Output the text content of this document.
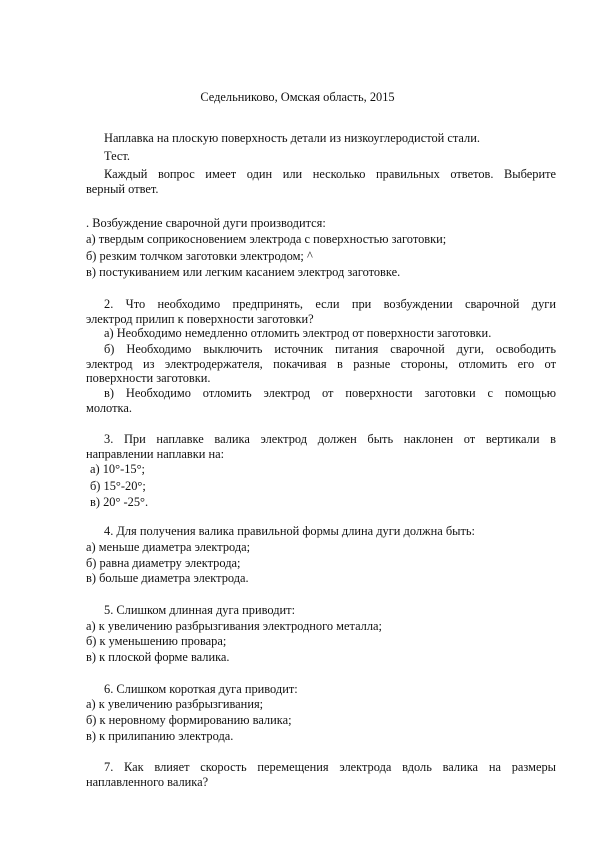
Седельниково, Омская область, 2015
Наплавка на плоскую поверхность детали из низкоуглеродистой стали.
Тест.
Каждый вопрос имеет один или несколько правильных ответов. Выберите
верный ответ.
. Возбуждение сварочной дуги производится:
а) твердым соприкосновением электрода с поверхностью заготовки;
б) резким толчком заготовки электродом; ^
в) постукиванием или легким касанием электрод заготовке.
2. Что необходимо предпринять, если при возбуждении сварочной дуги
электрод прилип к поверхности заготовки?
а) Необходимо немедленно отломить электрод от поверхности заготовки.
б) Необходимо выключить источник питания сварочной дуги, освободить
электрод из электродержателя, покачивая в разные стороны, отломить его от
поверхности заготовки.
в) Необходимо отломить электрод от поверхности заготовки с помощью
молотка.
3. При наплавке валика электрод должен быть наклонен от вертикали в
направлении наплавки на:
а) 10°-15°;
б) 15°-20°;
в) 20° -25°.
4. Для получения валика правильной формы длина дуги должна быть:
а) меньше диаметра электрода;
б) равна диаметру электрода;
в) больше диаметра электрода.
5. Слишком длинная дуга приводит:
а) к увеличению разбрызгивания электродного металла;
б) к уменьшению провара;
в) к плоской форме валика.
6. Слишком короткая дуга приводит:
а) к увеличению разбрызгивания;
б) к неровному формированию валика;
в) к прилипанию электрода.
7. Как влияет скорость перемещения электрода вдоль валика на размеры
наплавленного валика?
